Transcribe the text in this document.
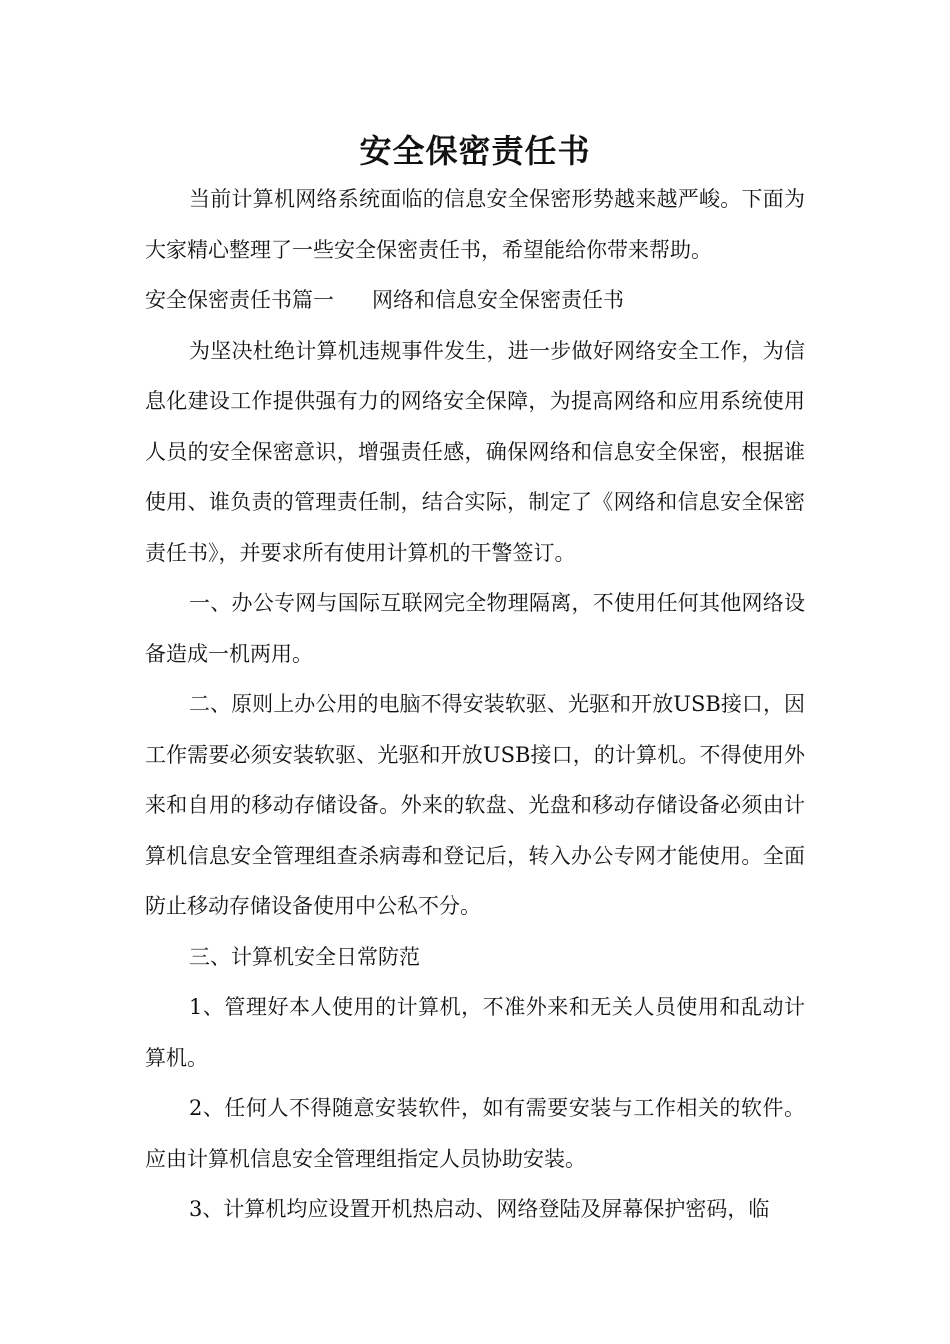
安全保密责任书

当前计算机网络系统面临的信息安全保密形势越来越严峻。下面为大家精心整理了一些安全保密责任书，希望能给你带来帮助。

安全保密责任书篇一 网络和信息安全保密责任书

为坚决杜绝计算机违规事件发生，进一步做好网络安全工作，为信息化建设工作提供强有力的网络安全保障，为提高网络和应用系统使用人员的安全保密意识，增强责任感，确保网络和信息安全保密，根据谁使用、谁负责的管理责任制，结合实际，制定了《网络和信息安全保密责任书》，并要求所有使用计算机的干警签订。

一、办公专网与国际互联网完全物理隔离，不使用任何其他网络设备造成一机两用。

二、原则上办公用的电脑不得安装软驱、光驱和开放USB接口，因工作需要必须安装软驱、光驱和开放USB接口，的计算机。不得使用外来和自用的移动存储设备。外来的软盘、光盘和移动存储设备必须由计算机信息安全管理组查杀病毒和登记后，转入办公专网才能使用。全面防止移动存储设备使用中公私不分。

三、计算机安全日常防范

1、管理好本人使用的计算机，不准外来和无关人员使用和乱动计算机。

2、任何人不得随意安装软件，如有需要安装与工作相关的软件。应由计算机信息安全管理组指定人员协助安装。

3、计算机均应设置开机热启动、网络登陆及屏幕保护密码，临
